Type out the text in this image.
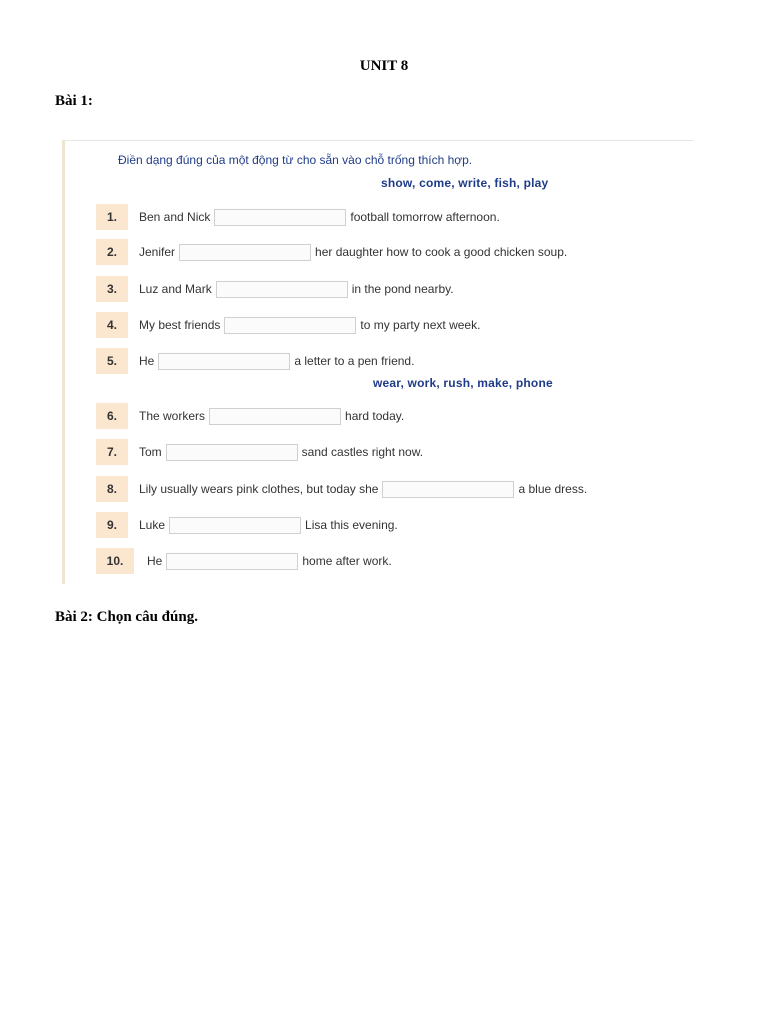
UNIT 8
Bài 1:
Điền dạng đúng của một động từ cho sẵn vào chỗ trống thích hợp.
show, come, write, fish, play
1.	Ben and Nick	football tomorrow afternoon.
2.	Jenifer	her daughter how to cook a good chicken soup.
3.	Luz and Mark	in the pond nearby.
4.	My best friends	to my party next week.
5.	He	a letter to a pen friend.
wear, work, rush, make, phone
6.	The workers	hard today.
7.	Tom	sand castles right now.
8.	Lily usually wears pink clothes, but today she	a blue dress.
9.	Luke	Lisa this evening.
10.	He	home after work.
Bài 2: Chọn câu đúng.
